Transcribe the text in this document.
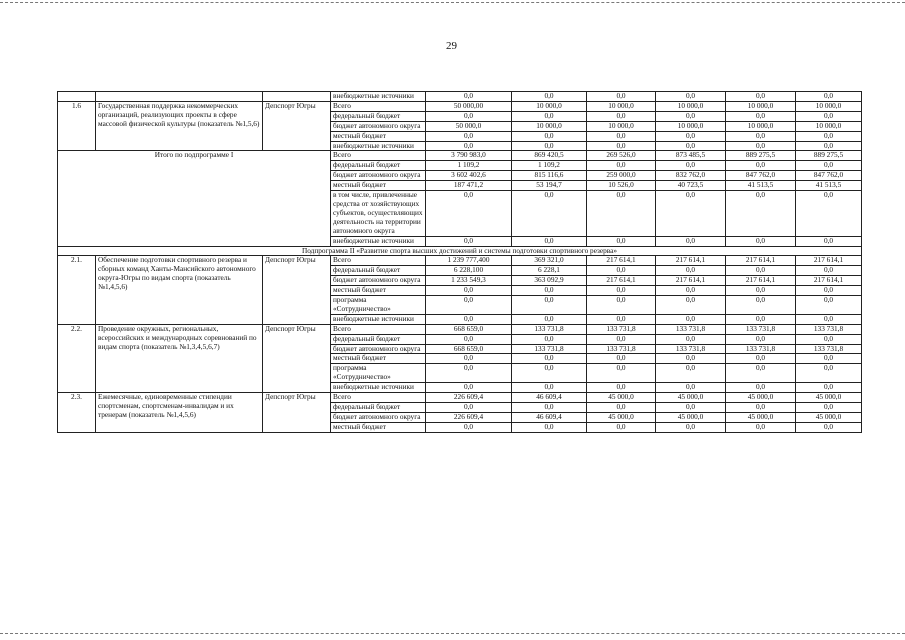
29
			внебюджетные источники	0,0	0,0	0,0	0,0	0,0	0,0
1.6	Государственная поддержка некоммерческих организаций, реализующих проекты в сфере массовой физической культуры (показатель №1,5,6)	Депспорт Югры	Всего	50 000,00	10 000,0	10 000,0	10 000,0	10 000,0	10 000,0
			федеральный бюджет	0,0	0,0	0,0	0,0	0,0	0,0
			бюджет автономного округа	50 000,0	10 000,0	10 000,0	10 000,0	10 000,0	10 000,0
			местный бюджет	0,0	0,0	0,0	0,0	0,0	0,0
			внебюджетные источники	0,0	0,0	0,0	0,0	0,0	0,0
Итого по подпрограмме I			Всего	3 790 983,0	869 420,5	269 526,0	873 485,5	889 275,5	889 275,5
			федеральный бюджет	1 109,2	1 109,2	0,0	0,0	0,0	0,0
			бюджет автономного округа	3 602 402,6	815 116,6	259 000,0	832 762,0	847 762,0	847 762,0
			местный бюджет	187 471,2	53 194,7	10 526,0	40 723,5	41 513,5	41 513,5
			в том числе, привлеченные средства от хозяйствующих субъектов, осуществляющих деятельность на территории автономного округа	0,0	0,0	0,0	0,0	0,0	0,0
			внебюджетные источники	0,0	0,0	0,0	0,0	0,0	0,0
Подпрограмма II «Развитие спорта высших достижений и системы подготовки спортивного резерва»									
2.1.	Обеспечение подготовки спортивного резерва и сборных команд Ханты-Мансийского автономного округа-Югры по видам спорта (показатель №1,4,5,6)	Депспорт Югры	Всего	1 239 777,400	369 321,0	217 614,1	217 614,1	217 614,1	217 614,1
			федеральный бюджет	6 228,100	6 228,1	0,0	0,0	0,0	0,0
			бюджет автономного округа	1 233 549,3	363 092,9	217 614,1	217 614,1	217 614,1	217 614,1
			местный бюджет	0,0	0,0	0,0	0,0	0,0	0,0
			программа «Сотрудничество»	0,0	0,0	0,0	0,0	0,0	0,0
			внебюджетные источники	0,0	0,0	0,0	0,0	0,0	0,0
2.2.	Проведение окружных, региональных, всероссийских и международных соревнований по видам спорта (показатель №1,3,4,5,6,7)	Депспорт Югры	Всего	668 659,0	133 731,8	133 731,8	133 731,8	133 731,8	133 731,8
			федеральный бюджет	0,0	0,0	0,0	0,0	0,0	0,0
			бюджет автономного округа	668 659,0	133 731,8	133 731,8	133 731,8	133 731,8	133 731,8
			местный бюджет	0,0	0,0	0,0	0,0	0,0	0,0
			программа «Сотрудничество»	0,0	0,0	0,0	0,0	0,0	0,0
			внебюджетные источники	0,0	0,0	0,0	0,0	0,0	0,0
2.3.	Ежемесячные, единовременные стипендии спортсменам, спортсменам-инвалидам и их тренерам (показатель №1,4,5,6)	Депспорт Югры	Всего	226 609,4	46 609,4	45 000,0	45 000,0	45 000,0	45 000,0
			федеральный бюджет	0,0	0,0	0,0	0,0	0,0	0,0
			бюджет автономного округа	226 609,4	46 609,4	45 000,0	45 000,0	45 000,0	45 000,0
			местный бюджет	0,0	0,0	0,0	0,0	0,0	0,0
